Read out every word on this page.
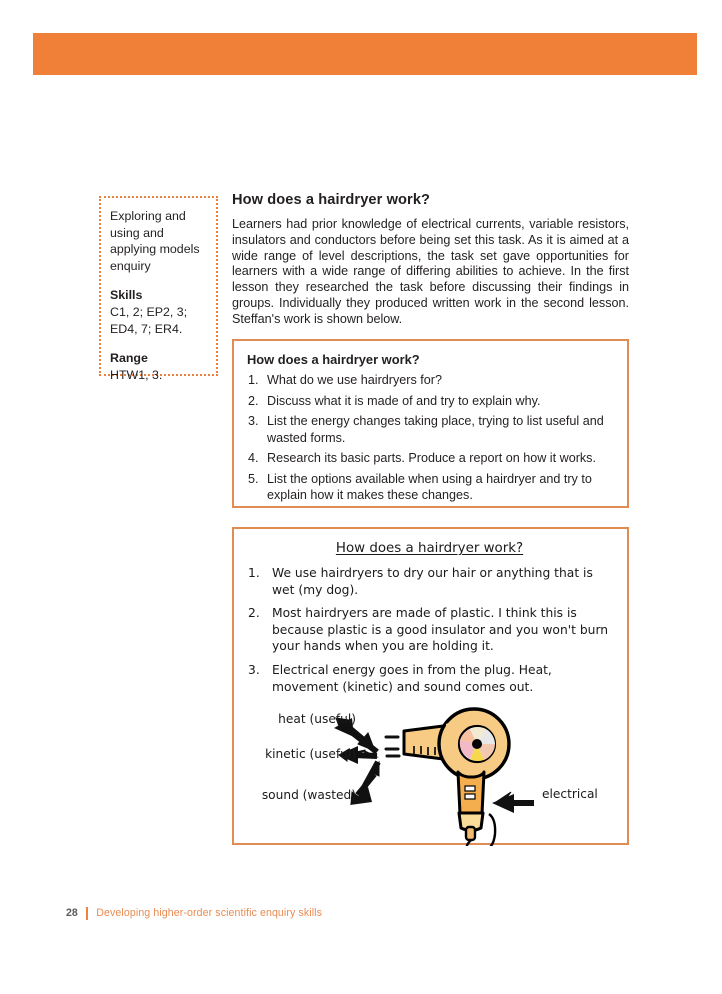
Exploring and using and applying models enquiry

Skills

C1, 2; EP2, 3; ED4, 7; ER4.

Range

HTW1, 3.

How does a hairdryer work?

Learners had prior knowledge of electrical currents, variable resistors, insulators and conductors before being set this task. As it is aimed at a wide range of level descriptions, the task set gave opportunities for learners with a wide range of differing abilities to achieve. In the first lesson they researched the task before discussing their findings in groups. Individually they produced written work in the second lesson. Steffan's work is shown below.

How does a hairdryer work?
What do we use hairdryers for?
Discuss what it is made of and try to explain why.
List the energy changes taking place, trying to list useful and wasted forms.
Research its basic parts. Produce a report on how it works.
List the options available when using a hairdryer and try to explain how it makes these changes.
How does a hairdryer work?
We use hairdryers to dry our hair or anything that is wet (my dog).
Most hairdryers are made of plastic. I think this is because plastic is a good insulator and you won't burn your hands when you are holding it.
Electrical energy goes in from the plug. Heat, movement (kinetic) and sound comes out.
heat (useful)
kinetic (useful)
sound (wasted)	electrical
28 Developing higher-order scientific enquiry skills
